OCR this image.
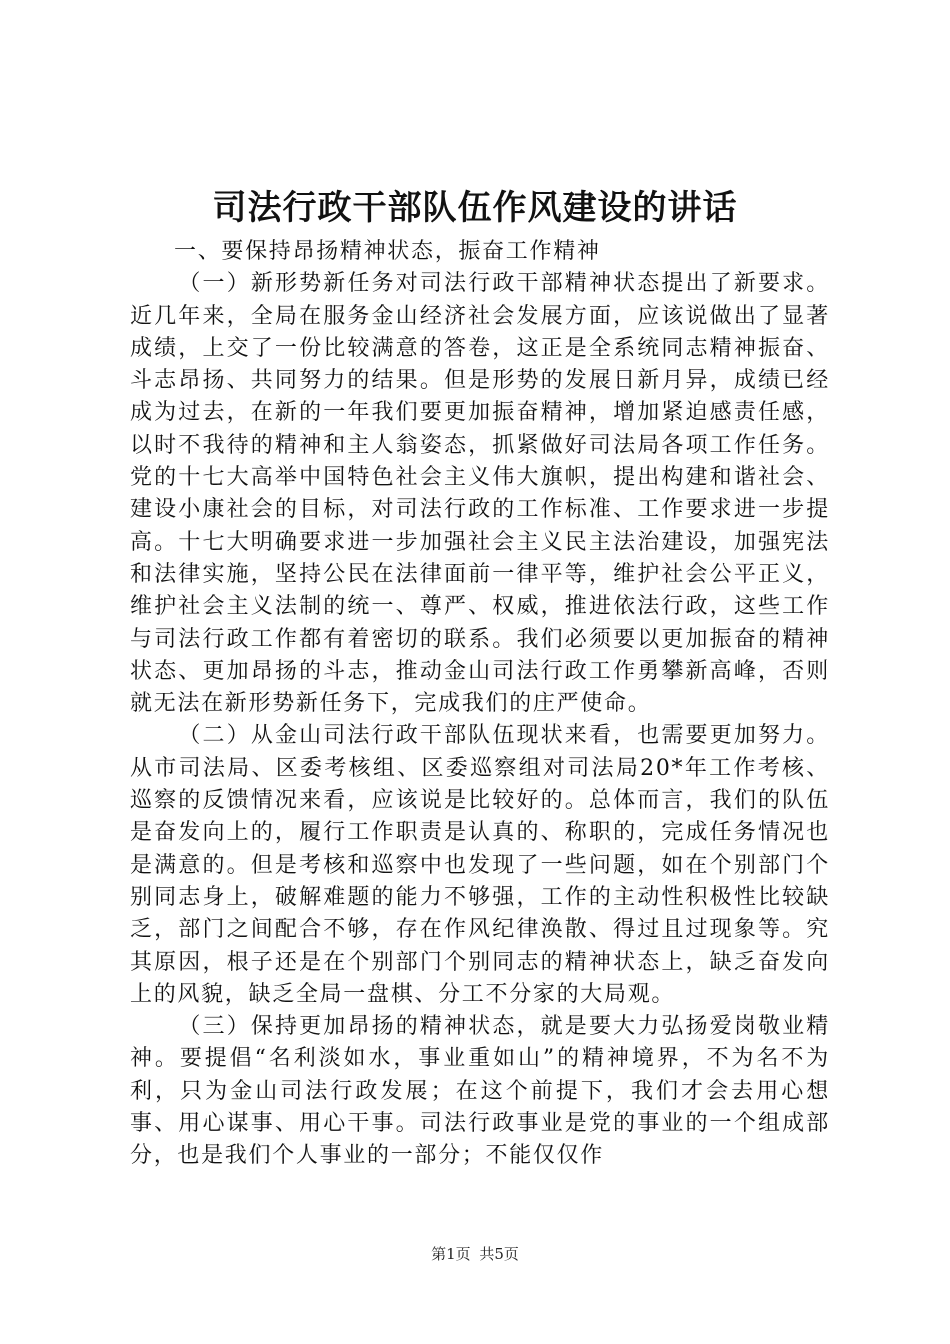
司法行政干部队伍作风建设的讲话

一、要保持昂扬精神状态，振奋工作精神

（一）新形势新任务对司法行政干部精神状态提出了新要求。近几年来，全局在服务金山经济社会发展方面，应该说做出了显著成绩，上交了一份比较满意的答卷，这正是全系统同志精神振奋、斗志昂扬、共同努力的结果。但是形势的发展日新月异，成绩已经成为过去，在新的一年我们要更加振奋精神，增加紧迫感责任感，以时不我待的精神和主人翁姿态，抓紧做好司法局各项工作任务。党的十七大高举中国特色社会主义伟大旗帜，提出构建和谐社会、建设小康社会的目标，对司法行政的工作标准、工作要求进一步提高。十七大明确要求进一步加强社会主义民主法治建设，加强宪法和法律实施，坚持公民在法律面前一律平等，维护社会公平正义，维护社会主义法制的统一、尊严、权威，推进依法行政，这些工作与司法行政工作都有着密切的联系。我们必须要以更加振奋的精神状态、更加昂扬的斗志，推动金山司法行政工作勇攀新高峰，否则就无法在新形势新任务下，完成我们的庄严使命。

（二）从金山司法行政干部队伍现状来看，也需要更加努力。从市司法局、区委考核组、区委巡察组对司法局20*年工作考核、巡察的反馈情况来看，应该说是比较好的。总体而言，我们的队伍是奋发向上的，履行工作职责是认真的、称职的，完成任务情况也是满意的。但是考核和巡察中也发现了一些问题，如在个别部门个别同志身上，破解难题的能力不够强，工作的主动性积极性比较缺乏，部门之间配合不够，存在作风纪律涣散、得过且过现象等。究其原因，根子还是在个别部门个别同志的精神状态上，缺乏奋发向上的风貌，缺乏全局一盘棋、分工不分家的大局观。

（三）保持更加昂扬的精神状态，就是要大力弘扬爱岗敬业精神。要提倡“名利淡如水，事业重如山”的精神境界，不为名不为利，只为金山司法行政发展；在这个前提下，我们才会去用心想事、用心谋事、用心干事。司法行政事业是党的事业的一个组成部分，也是我们个人事业的一部分；不能仅仅作

第1页 共5页
